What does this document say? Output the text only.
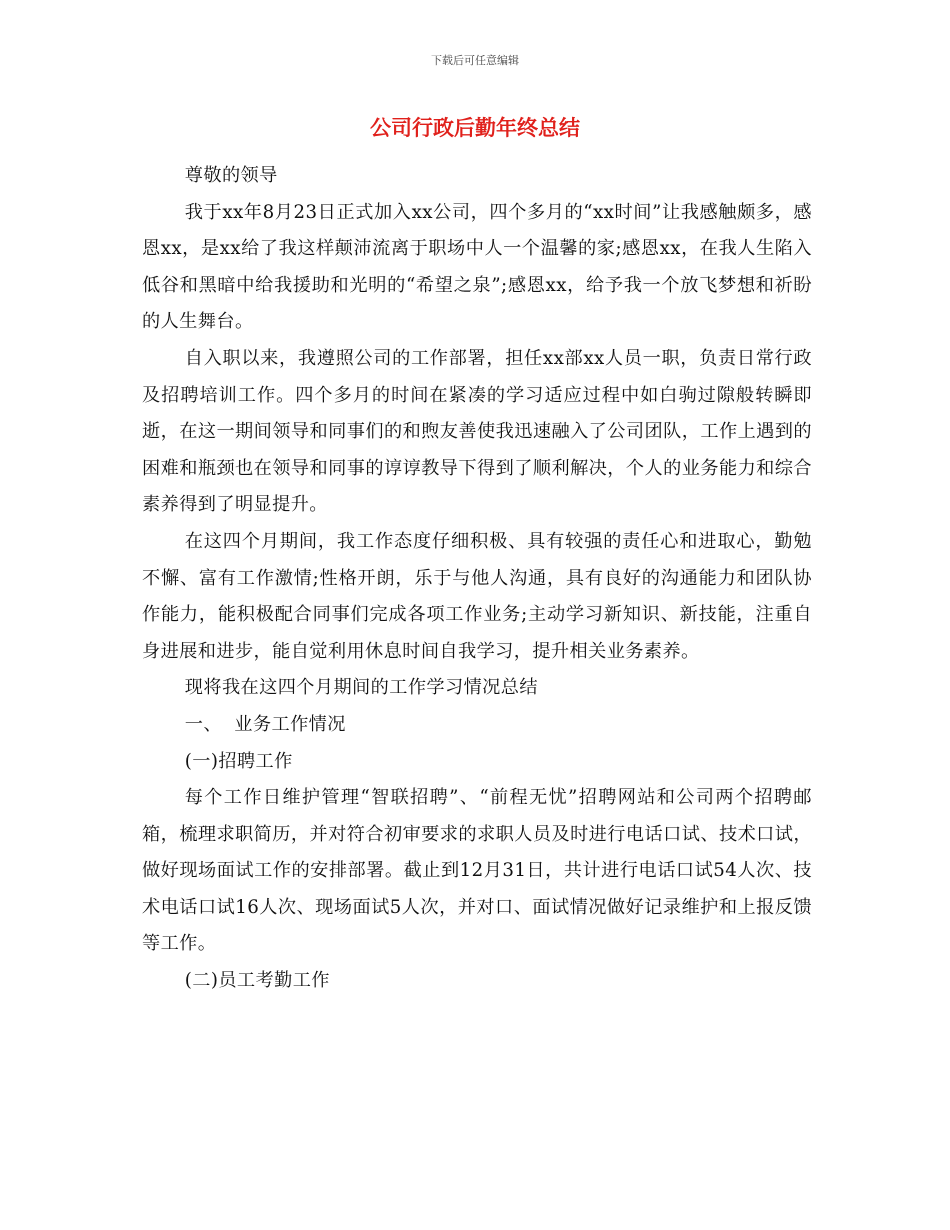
下载后可任意编辑
公司行政后勤年终总结

尊敬的领导

我于xx年8月23日正式加入xx公司，四个多月的“xx时间”让我感触颇多，感恩xx，是xx给了我这样颠沛流离于职场中人一个温馨的家;感恩xx，在我人生陷入低谷和黑暗中给我援助和光明的“希望之泉”;感恩xx，给予我一个放飞梦想和祈盼的人生舞台。

自入职以来，我遵照公司的工作部署，担任xx部xx人员一职，负责日常行政及招聘培训工作。四个多月的时间在紧凑的学习适应过程中如白驹过隙般转瞬即逝，在这一期间领导和同事们的和煦友善使我迅速融入了公司团队，工作上遇到的困难和瓶颈也在领导和同事的谆谆教导下得到了顺利解决，个人的业务能力和综合素养得到了明显提升。

在这四个月期间，我工作态度仔细积极、具有较强的责任心和进取心，勤勉不懈、富有工作激情;性格开朗，乐于与他人沟通，具有良好的沟通能力和团队协作能力，能积极配合同事们完成各项工作业务;主动学习新知识、新技能，注重自身进展和进步，能自觉利用休息时间自我学习，提升相关业务素养。

现将我在这四个月期间的工作学习情况总结

一、  业务工作情况

(一)招聘工作

每个工作日维护管理“智联招聘”、“前程无忧”招聘网站和公司两个招聘邮箱，梳理求职简历，并对符合初审要求的求职人员及时进行电话口试、技术口试，做好现场面试工作的安排部署。截止到12月31日，共计进行电话口试54人次、技术电话口试16人次、现场面试5人次，并对口、面试情况做好记录维护和上报反馈等工作。

(二)员工考勤工作
